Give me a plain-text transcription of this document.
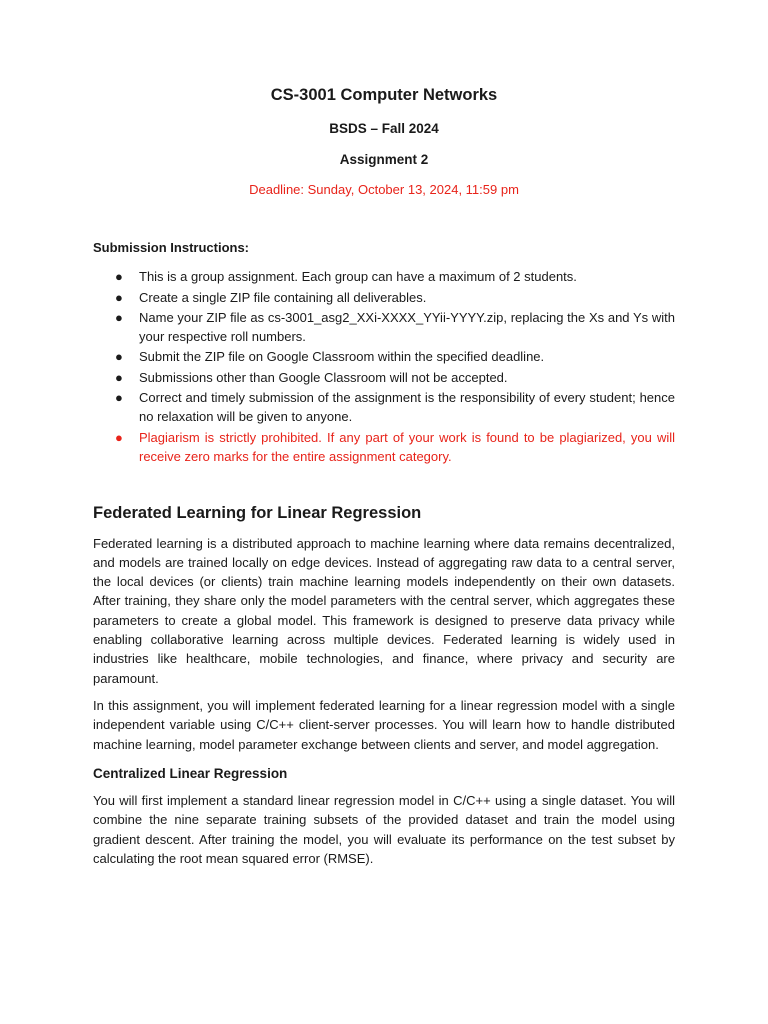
CS-3001 Computer Networks
BSDS – Fall 2024
Assignment 2
Deadline: Sunday, October 13, 2024, 11:59 pm
Submission Instructions:
● This is a group assignment. Each group can have a maximum of 2 students.
● Create a single ZIP file containing all deliverables.
● Name your ZIP file as cs-3001_asg2_XXi-XXXX_YYii-YYYY.zip, replacing the Xs and Ys with your respective roll numbers.
● Submit the ZIP file on Google Classroom within the specified deadline.
● Submissions other than Google Classroom will not be accepted.
● Correct and timely submission of the assignment is the responsibility of every student; hence no relaxation will be given to anyone.
● Plagiarism is strictly prohibited. If any part of your work is found to be plagiarized, you will receive zero marks for the entire assignment category.
Federated Learning for Linear Regression

Federated learning is a distributed approach to machine learning where data remains decentralized, and models are trained locally on edge devices. Instead of aggregating raw data to a central server, the local devices (or clients) train machine learning models independently on their own datasets. After training, they share only the model parameters with the central server, which aggregates these parameters to create a global model. This framework is designed to preserve data privacy while enabling collaborative learning across multiple devices. Federated learning is widely used in industries like healthcare, mobile technologies, and finance, where privacy and security are paramount.

In this assignment, you will implement federated learning for a linear regression model with a single independent variable using C/C++ client-server processes. You will learn how to handle distributed machine learning, model parameter exchange between clients and server, and model aggregation.

Centralized Linear Regression

You will first implement a standard linear regression model in C/C++ using a single dataset. You will combine the nine separate training subsets of the provided dataset and train the model using gradient descent. After training the model, you will evaluate its performance on the test subset by calculating the root mean squared error (RMSE).
